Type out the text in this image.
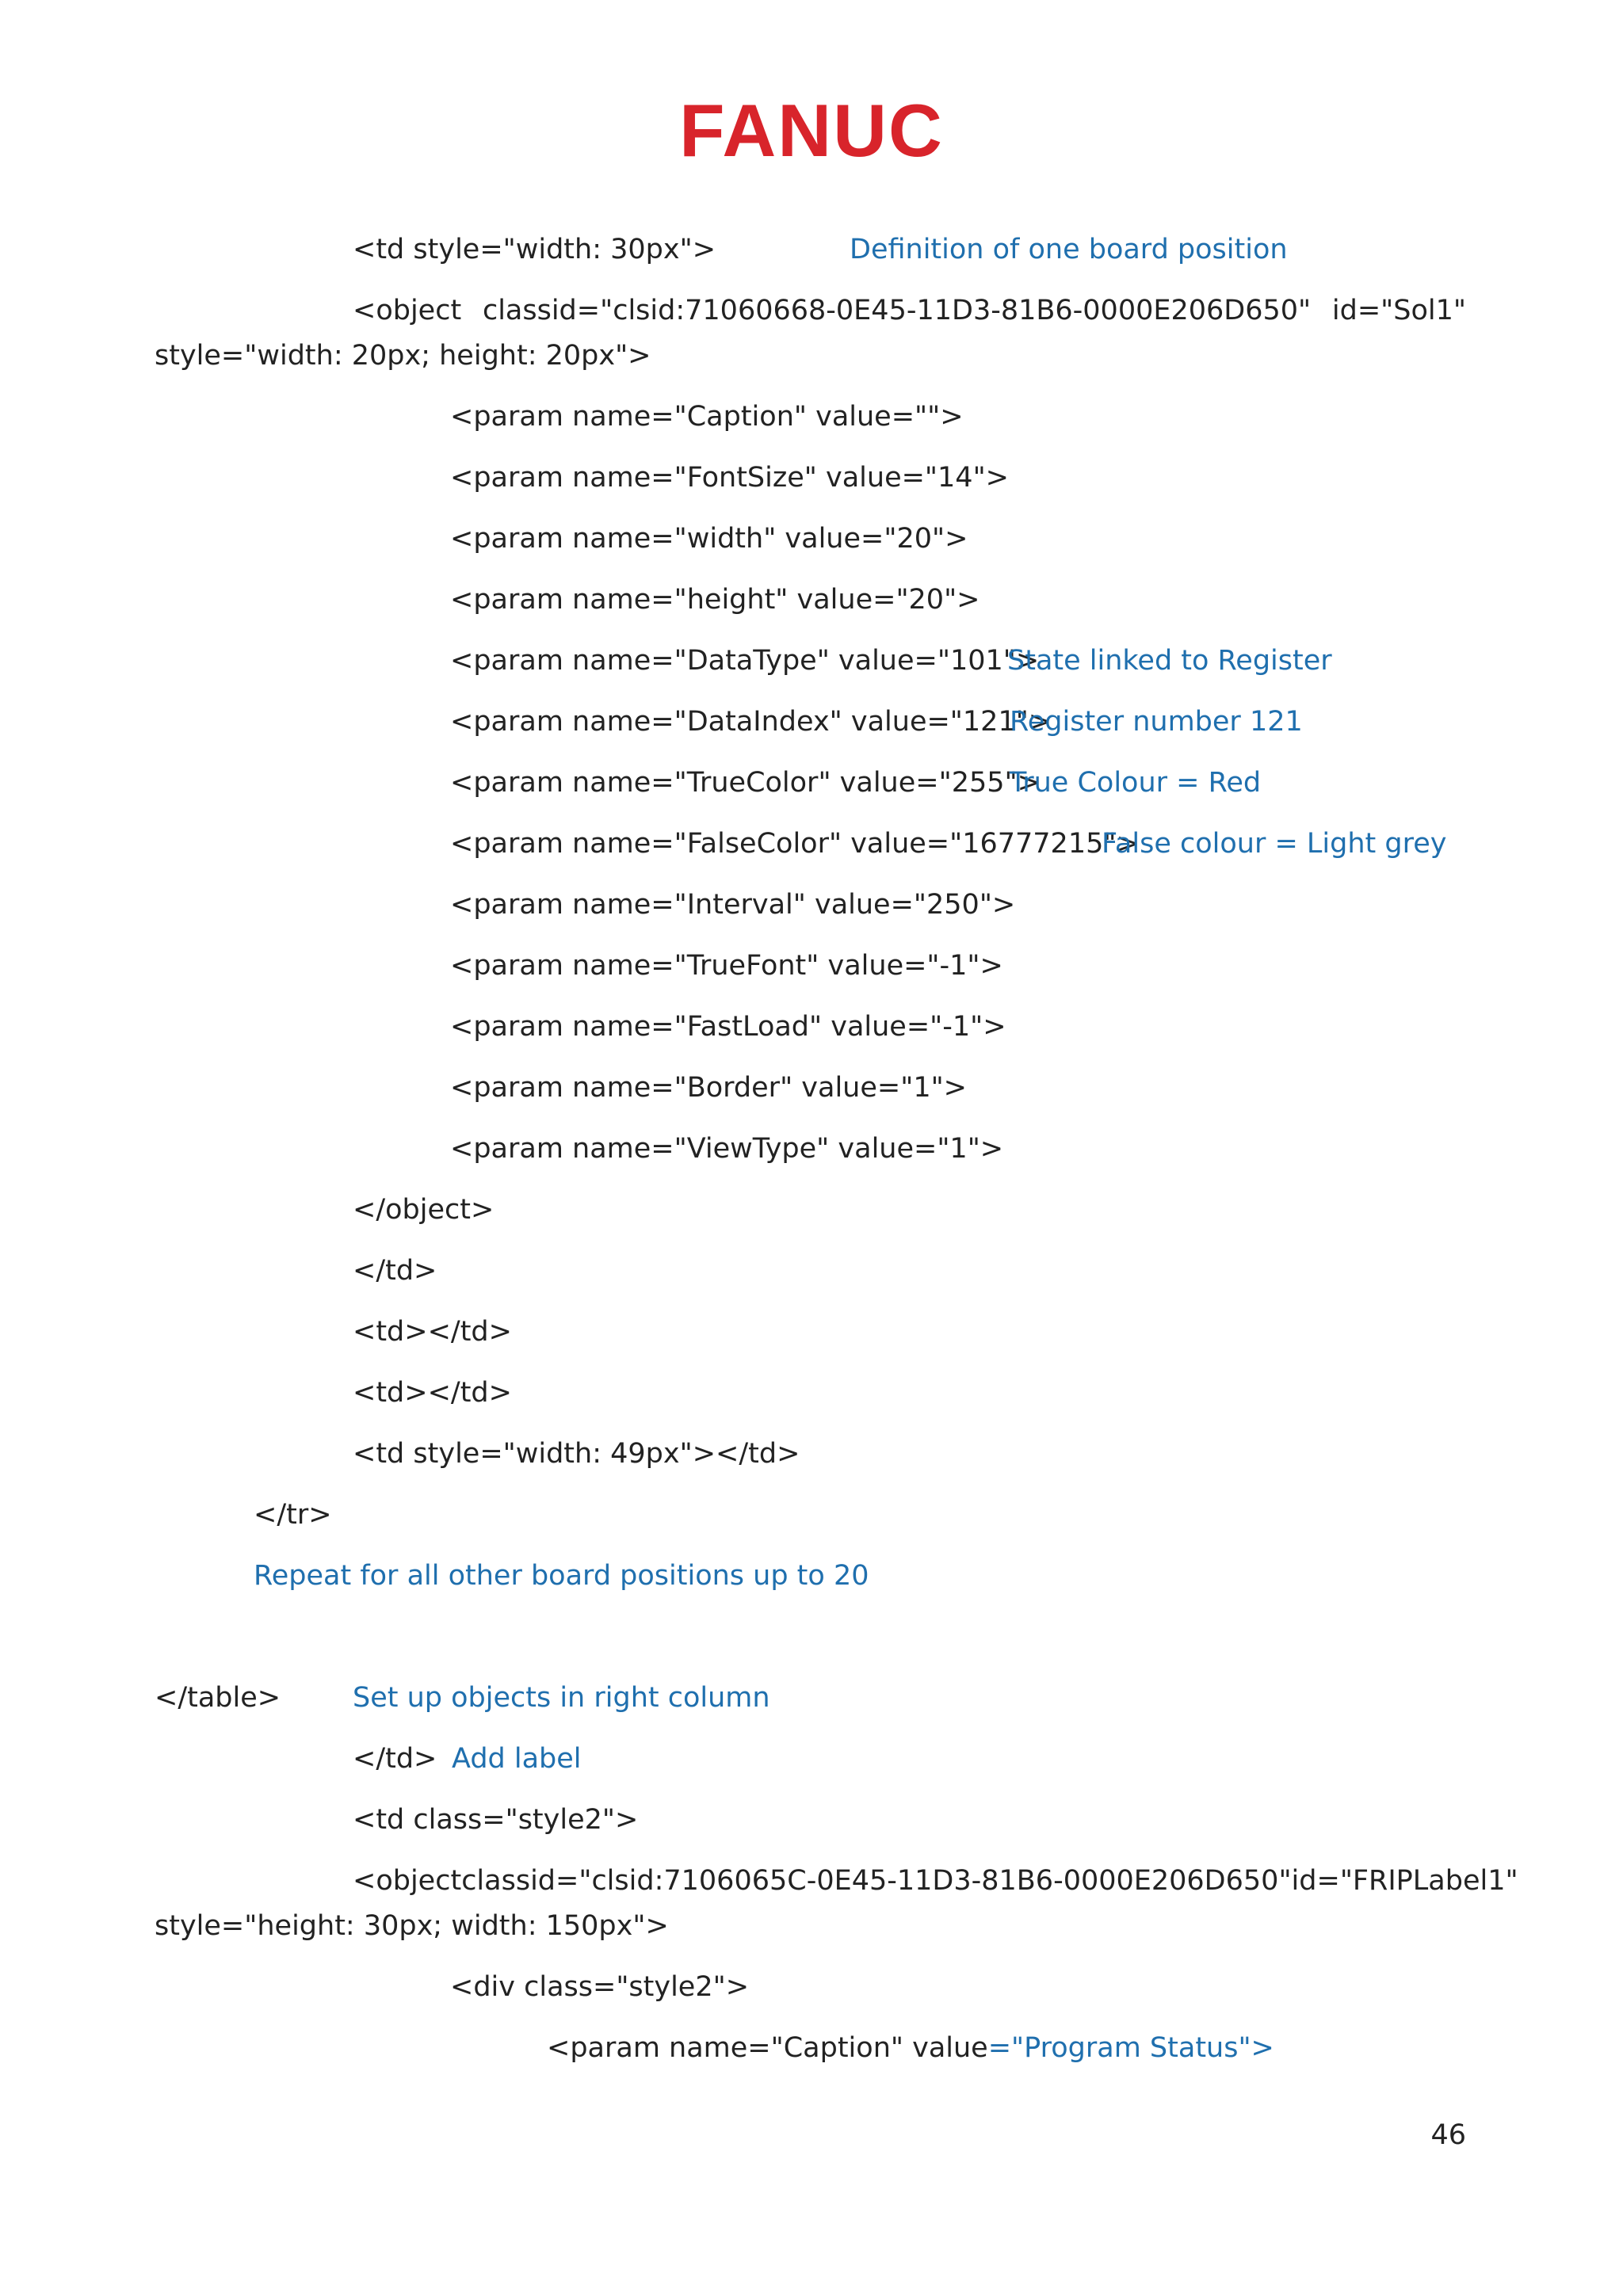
FANUC
<td style="width: 30px">	Definition of one board position
<object classid="clsid:71060668-0E45-11D3-81B6-0000E206D650" id="Sol1"
style="width: 20px; height: 20px">
<param name="Caption" value="">
<param name="FontSize" value="14">
<param name="width" value="20">
<param name="height" value="20">
<param name="DataType" value="101">
State linked to Register
<param name="DataIndex" value="121">
Register number 121
<param name="TrueColor" value="255">
True Colour = Red
<param name="FalseColor" value="16777215">
False colour = Light grey
<param name="Interval" value="250">
<param name="TrueFont" value="-1">
<param name="FastLoad" value="-1">
<param name="Border" value="1">
<param name="ViewType" value="1">
</object>
</td>
<td></td>
<td></td>
<td style="width: 49px"></td>
</tr>
Repeat for all other board positions up to 20
</table>	Set up objects in right column
</td> Add label
<td class="style2">
<object classid="clsid:7106065C-0E45-11D3-81B6-0000E206D650" id="FRIPLabel1"
style="height: 30px; width: 150px">
<div class="style2">
<param name="Caption" value="Program Status">
46
